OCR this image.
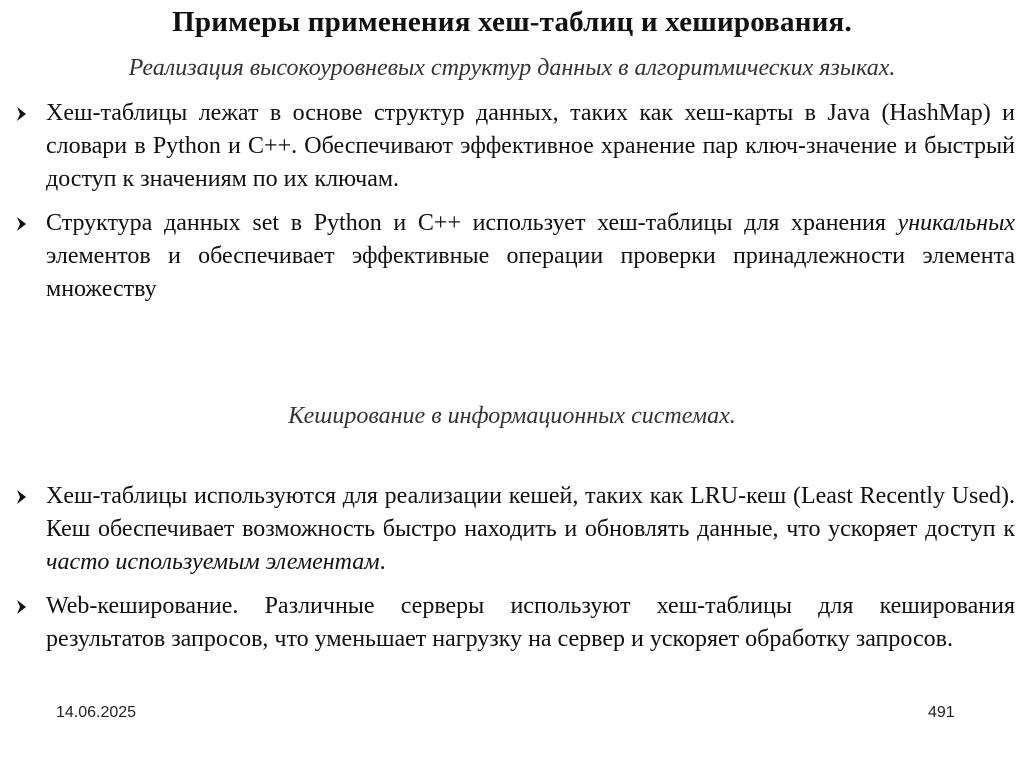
Примеры применения хеш-таблиц и хеширования.
Реализация высокоуровневых структур данных в алгоритмических языках.
Хеш-таблицы лежат в основе структур данных, таких как хеш-карты в Java (HashMap) и словари в Python и C++. Обеспечивают эффективное хранение пар ключ-значение и быстрый доступ к значениям по их ключам.
Структура данных set в Python и C++ использует хеш-таблицы для хранения уникальных элементов и обеспечивает эффективные операции проверки принадлежности элемента множеству
Кеширование в информационных системах.
Хеш-таблицы используются для реализации кешей, таких как LRU-кеш (Least Recently Used). Кеш обеспечивает возможность быстро находить и обновлять данные, что ускоряет доступ к часто используемым элементам.
Web-кеширование. Различные серверы используют хеш-таблицы для кеширования результатов запросов, что уменьшает нагрузку на сервер и ускоряет обработку запросов.
14.06.2025	491
